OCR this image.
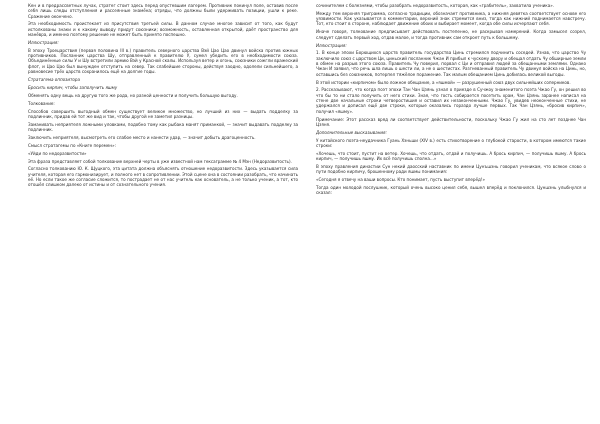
Кен и в предрассветных лучах, стратег стоит здесь перед опустевшим лагерем. Противник покинул поле, оставив после себя лишь следы отступления и рассеянные знамёна; отряды, что должны были удерживать позиции, ушли к реке. Сражение окончено.

Эта необходимость проистекает из присутствия третьей силы. В данном случае многое зависит от того, как будут истолкованы знаки и к какому выводу придут союзники; возможность, оставленная открытой, даёт пространство для манёвра, и именно поэтому решение не может быть принято поспешно.

Иллюстрация:

В эпоху Троецарствия (первая половина III в.) правитель северного царства Вэй Цао Цао двинул войска против южных противников. Посланник царства Шу, отправленный к правителю У, сумел убедить его в необходимости союза. Объединённые силы У и Шу встретили армию Вэй у Красной скалы. Используя ветер и огонь, союзники сожгли вражеский флот, и Цао Цао был вынужден отступить на север. Так слабейшие стороны, действуя заодно, одолели сильнейшего, а равновесие трёх царств сохранилось ещё на долгие годы.

Стратагема оппозитора

Бросить кирпич, чтобы заполучить яшму

Обменять одну вещь на другую того же рода, но разной ценности и получить большую выгоду.

Толкование:

Способов совершить выгодный обмен существует великое множество, но лучший из них — выдать подделку за подлинник, придав ей тот же вид и так, чтобы другой не заметил разницы.

Заманивать неприятеля ложными уловками, подобно тому как рыбака манят приманкой, — значит выдавать подделку за подлинник.

Заключить неприятеля, высмотреть его слабое место и нанести удар, — значит добыть драгоценность.

Смысл стратагемы по «Книге перемен»:

«Уйди по недоразвитости»

Эта фраза представляет собой толкование верхней черты в уже известной нам гексаграмме № 4 Мэн (Недоразвитость).

Согласно толкованию Ю. К. Щуцкого, эта цитата должна объяснять отношение недоразвитости. Здесь указывается сила учителя, которая его гармонизирует, и полного нет в сопротивлении. Этой сцене она в состоянии разобрать, что начинать её. Но если такое же согласие сложится, то пострадает не от нас учитель как основатель, а не только ученик, а тот, кто отошёл слишком далеко от истины и от сознательного учения.

сочинителем с болезнями, чтобы разобрать недоразвитость, которая, как «грабитель», захватила ученика».

Между тем верхняя триграмма, согласно традиции, обозначает противника, а нижняя девятка соответствует основе его уязвимости. Как указывается в комментарии, верхний знак стремится вниз, тогда как нижний поднимается навстречу. Тот, кто стоит в стороне, наблюдает движение обоих и выбирает момент, когда обе силы исчерпают себя.

Иначе говоря, толкование предписывает действовать постепенно, не раскрывая намерений. Когда замысел созрел, следует сделать первый ход, отдав малое, и тогда противник сам откроет путь к большему.

Иллюстрация:

1. В конце эпохи Борющихся царств правитель государства Цинь стремился подчинить соседей. Узнав, что царство Чу заключило союз с царством Ци, циньский посланник Чжан И прибыл к чускому двору и обещал отдать Чу обширные земли в обмен на разрыв этого союза. Правитель Чу поверил, порвал с Ци и отправил людей за обещанными землями. Однако Чжан И заявил, что речь шла лишь о шести ли, а не о шестистах. Разгневанный правитель Чу двинул войска на Цинь, но, оставшись без союзников, потерпел тяжёлое поражение. Так малым обещанием Цинь добилась великой выгоды.

В этой истории «кирпичом» было ложное обещание, а «яшмой» — разрушенный союз двух сильнейших соперников.

2. Рассказывают, что когда поэт эпохи Тан Чан Цзянь узнал о приезде в Сучжоу знаменитого поэта Чжао Гу, он решил во что бы то ни стало получить от него стихи. Зная, что гость собирается посетить храм, Чан Цзянь заранее написал на стене две начальные строки четверостишия и оставил их незаконченными. Чжао Гу, увидев неоконченные стихи, не удержался и дописал ещё две строки, которые оказались гораздо лучше первых. Так Чан Цзянь, «бросив кирпич», получил «яшму».

Примечание: Этот рассказ вряд ли соответствует действительности, поскольку Чжао Гу жил на сто лет позднее Чан Цзяня.

Дополнительные высказывания:

У китайского поэта-неудачника Гуань Хэньши (XIV в.) есть стихотворение о глубокой старости, в котором имеются такие строки:

«Хочешь, что стоит, пустит на ветер. Хочешь, что отдать, отдай и получишь. А брось кирпич, — получишь яшму. А брось кирпич, — получишь яшму. Их всё получишь сполна…»

В эпоху правления династии Сун некий даосский наставник по имени Цунъшэнь говорил ученикам, что всякое слово о пути подобно кирпичу, брошенному ради яшмы понимания:

«Сегодня я отвечу на ваши вопросы. Кто понимает, пусть выступит вперёд!»

Тогда один молодой послушник, который очень высоко ценил себя, вышел вперёд и поклонился. Цуншэнь улыбнулся и сказал:
